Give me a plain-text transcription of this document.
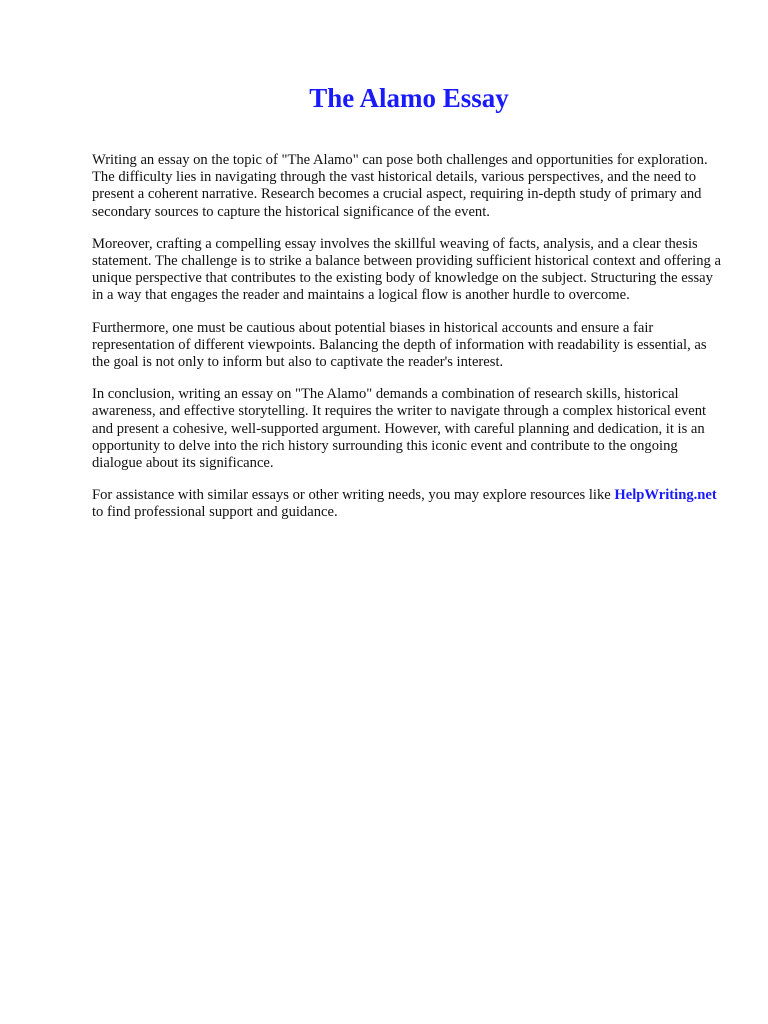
The Alamo Essay

Writing an essay on the topic of "The Alamo" can pose both challenges and opportunities for exploration. The difficulty lies in navigating through the vast historical details, various perspectives, and the need to present a coherent narrative. Research becomes a crucial aspect, requiring in-depth study of primary and secondary sources to capture the historical significance of the event.

Moreover, crafting a compelling essay involves the skillful weaving of facts, analysis, and a clear thesis statement. The challenge is to strike a balance between providing sufficient historical context and offering a unique perspective that contributes to the existing body of knowledge on the subject. Structuring the essay in a way that engages the reader and maintains a logical flow is another hurdle to overcome.

Furthermore, one must be cautious about potential biases in historical accounts and ensure a fair representation of different viewpoints. Balancing the depth of information with readability is essential, as the goal is not only to inform but also to captivate the reader's interest.

In conclusion, writing an essay on "The Alamo" demands a combination of research skills, historical awareness, and effective storytelling. It requires the writer to navigate through a complex historical event and present a cohesive, well-supported argument. However, with careful planning and dedication, it is an opportunity to delve into the rich history surrounding this iconic event and contribute to the ongoing dialogue about its significance.

For assistance with similar essays or other writing needs, you may explore resources like HelpWriting.net to find professional support and guidance.
